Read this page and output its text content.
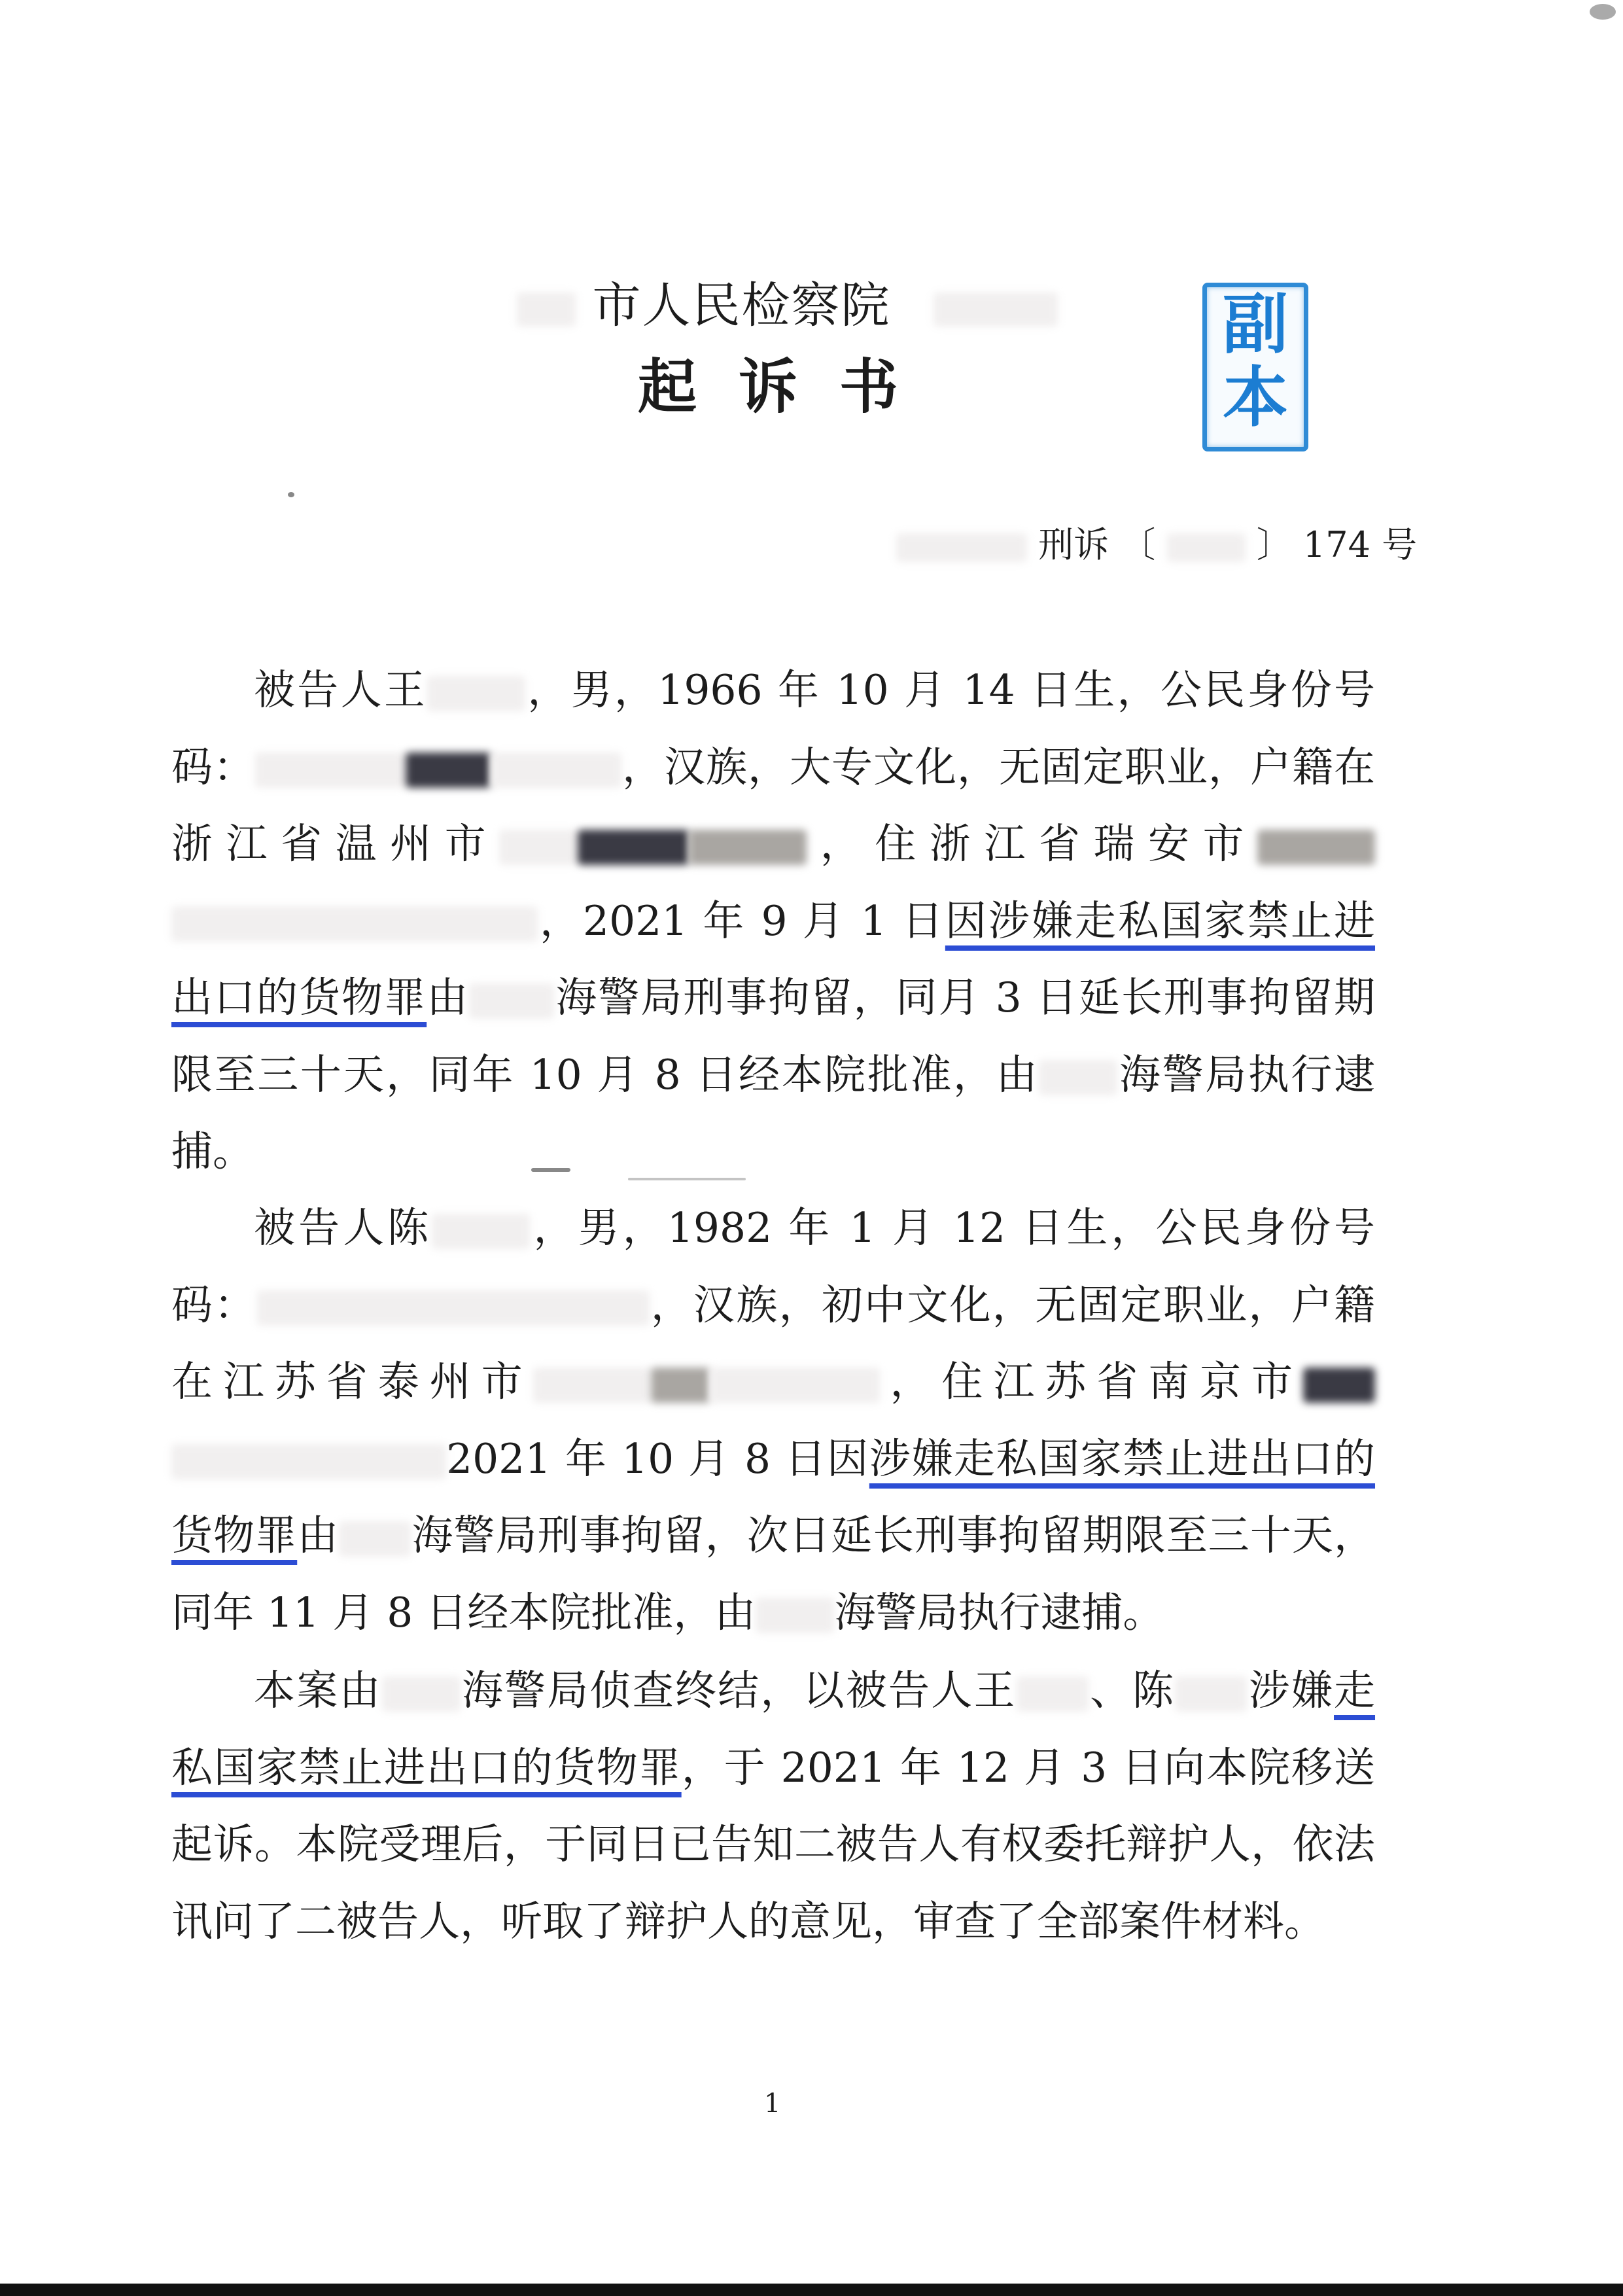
市人民检察院
起诉书
副
本
刑诉 〔	〕 174 号
被告人王 ，男，1966 年 10 月 14 日生，公民身份号码：	，汉族，大专文化，无固定职业，户籍在浙江省温州市	，住浙江省瑞安市，2021 年 9 月 1 日因涉嫌走私国家禁止进出口的货物罪由 海警局刑事拘留，同月 3 日延长刑事拘留期限至三十天，同年 10 月 8 日经本院批准，由 海警局执行逮捕。
被告人陈 ，男，1982 年 1 月 12 日生，公民身份号码：	，汉族，初中文化，无固定职业，户籍在江苏省泰州市	，住江苏省南京市2021 年 10 月 8 日因涉嫌走私国家禁止进出口的货物罪由 海警局刑事拘留，次日延长刑事拘留期限至三十天，同年 11 月 8 日经本院批准，由 海警局执行逮捕。
本案由 海警局侦查终结，以被告人王 、陈 涉嫌走私国家禁止进出口的货物罪，于 2021 年 12 月 3 日向本院移送起诉。本院受理后，于同日已告知二被告人有权委托辩护人，依法讯问了二被告人，听取了辩护人的意见，审查了全部案件材料。
1
